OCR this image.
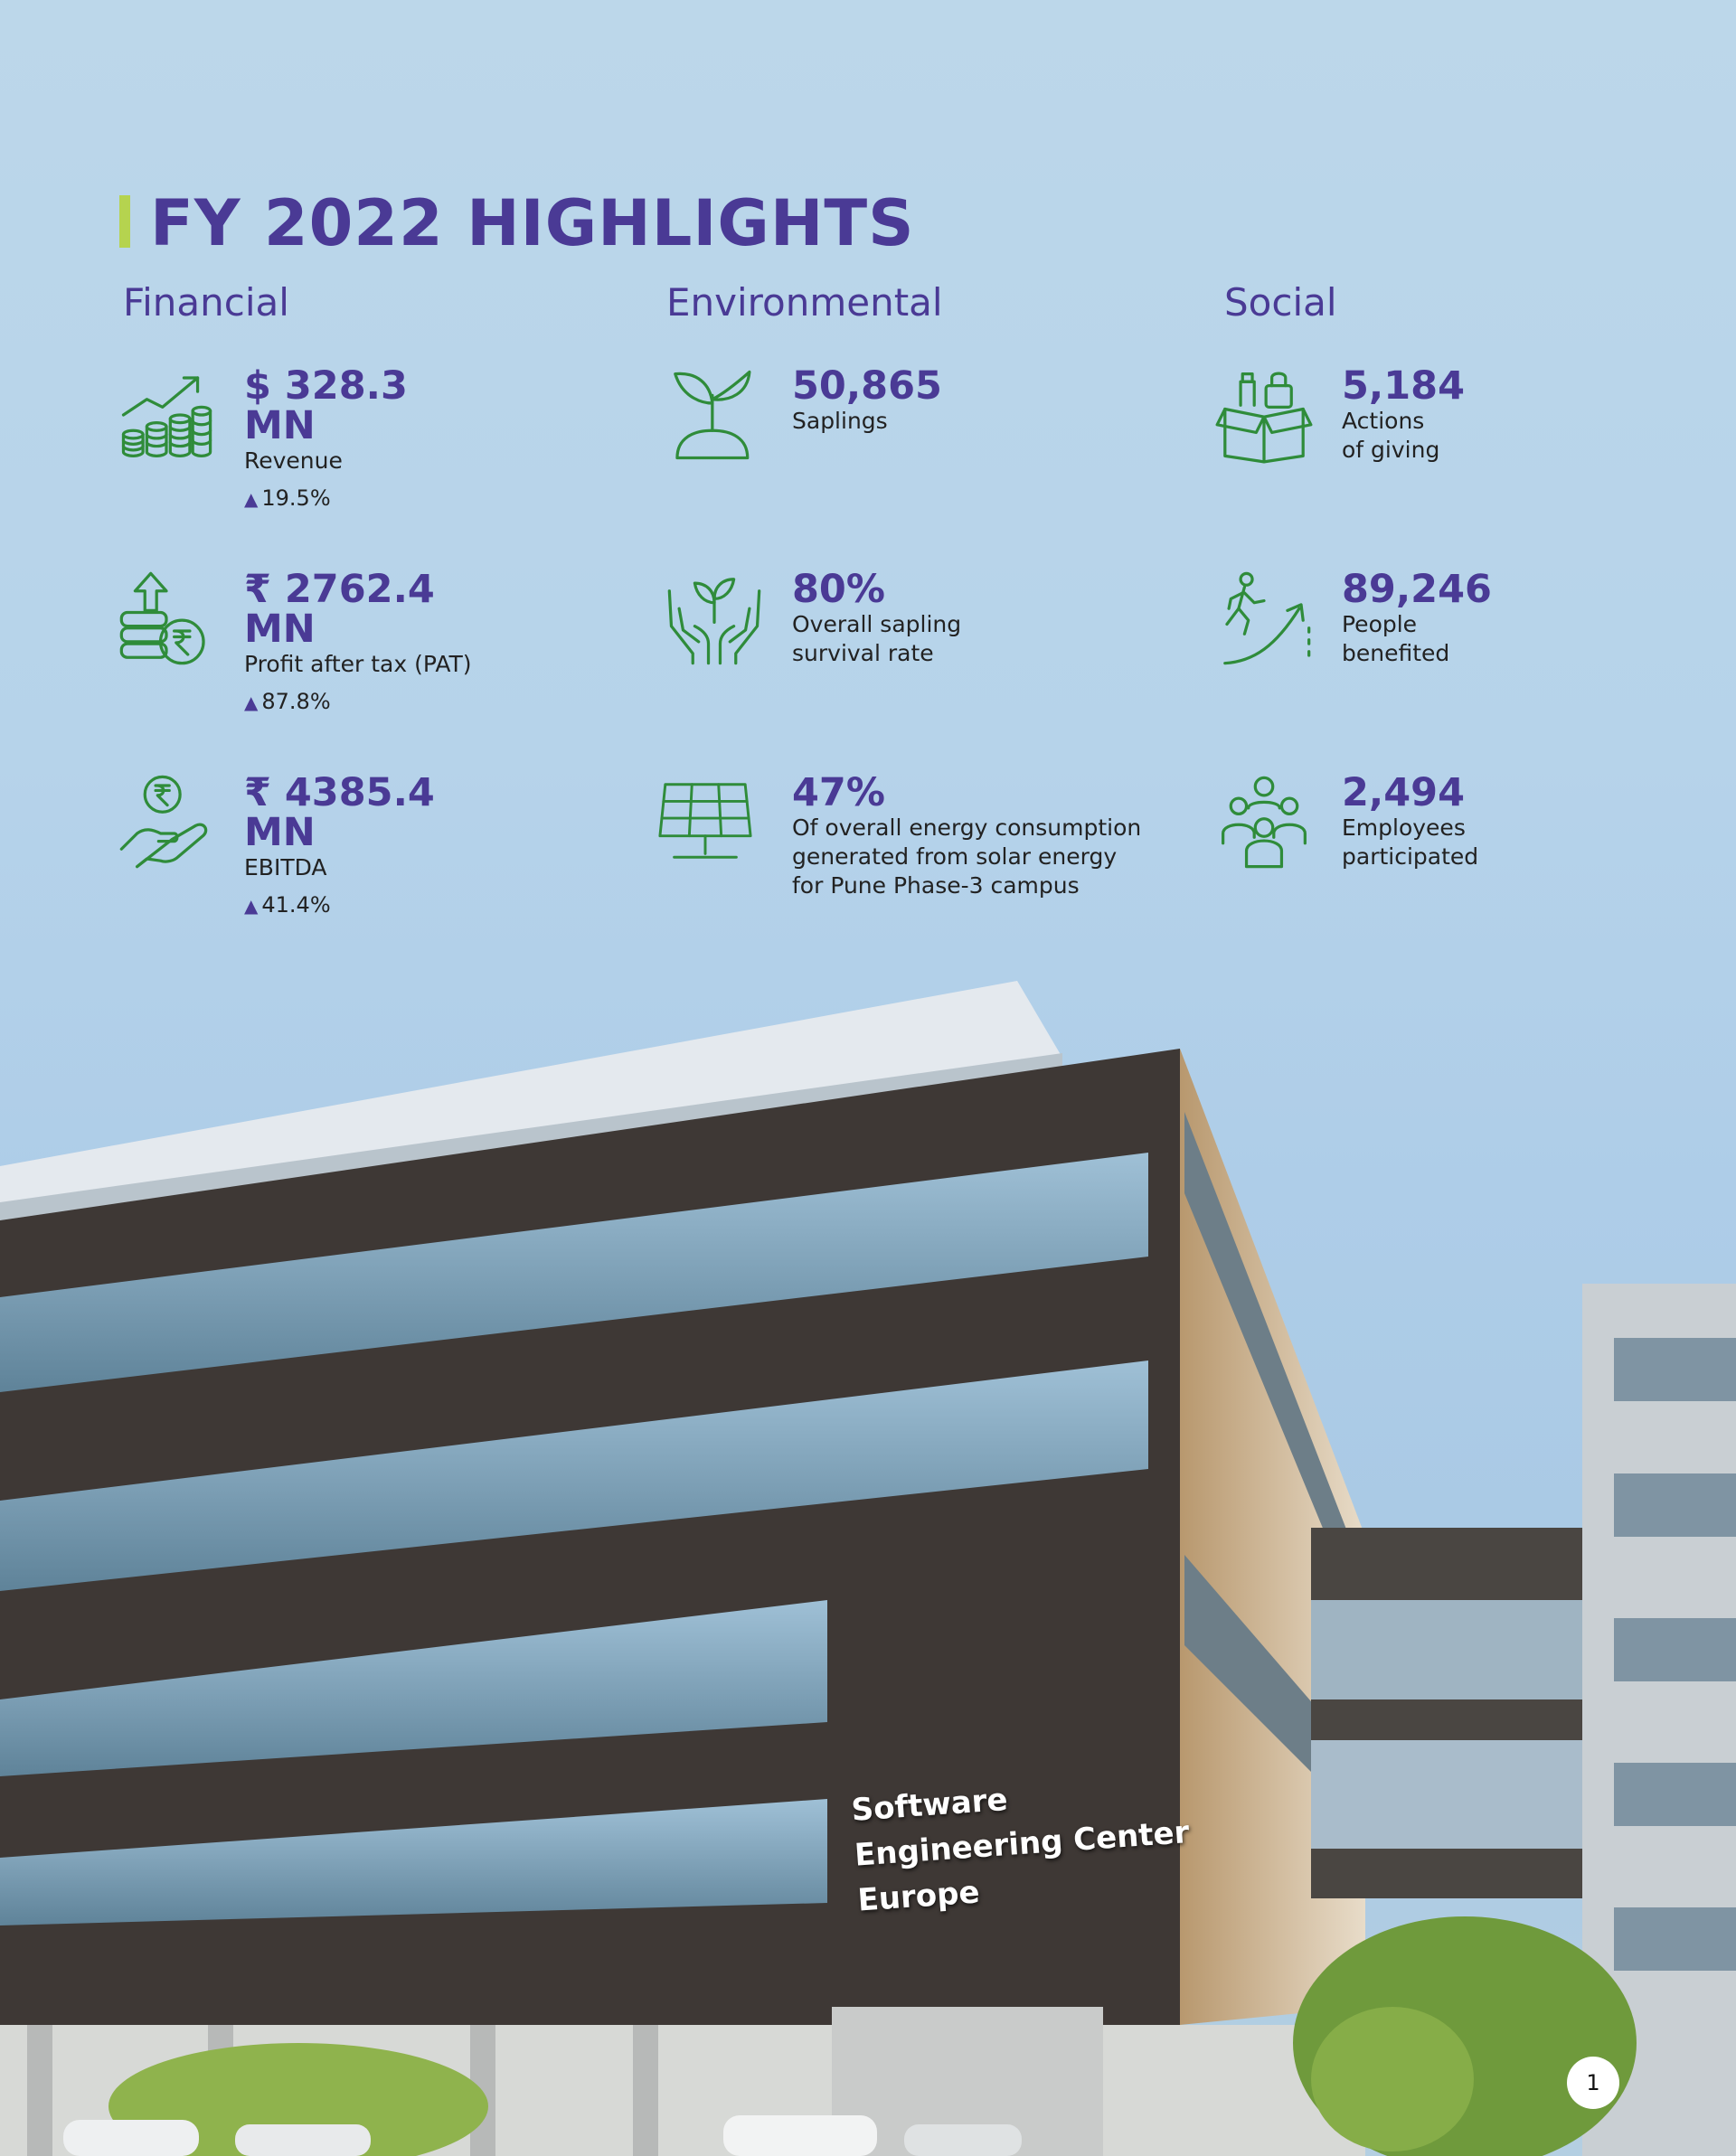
FY 2022 HIGHLIGHTS
Financial	Environmental	Social
$ 328.3
MN
Revenue
▲ 19.5%
₹ 2762.4
MN
Profit after tax (PAT)
▲ 87.8%
₹ 4385.4
MN
EBITDA
▲ 41.4%
50,865
Saplings
80%
Overall sapling
survival rate
47%
Of overall energy consumption
generated from solar energy
for Pune Phase-3 campus
5,184
Actions
of giving
89,246
People
benefited
2,494
Employees
participated
Software
Engineering Center
Europe
1
